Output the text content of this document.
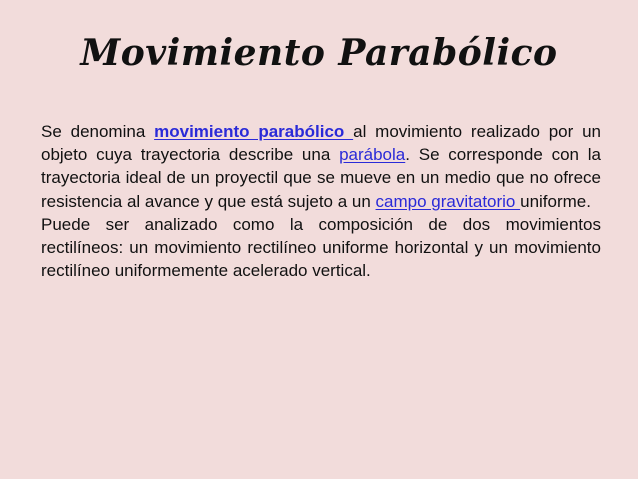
Movimiento Parabólico

Se denomina movimiento parabólico al movimiento realizado por un objeto cuya trayectoria describe una parábola. Se corresponde con la trayectoria ideal de un proyectil que se mueve en un medio que no ofrece resistencia al avance y que está sujeto a un campo gravitatorio uniforme.

Puede ser analizado como la composición de dos movimientos rectilíneos: un movimiento rectilíneo uniforme horizontal y un movimiento rectilíneo uniformemente acelerado vertical.
